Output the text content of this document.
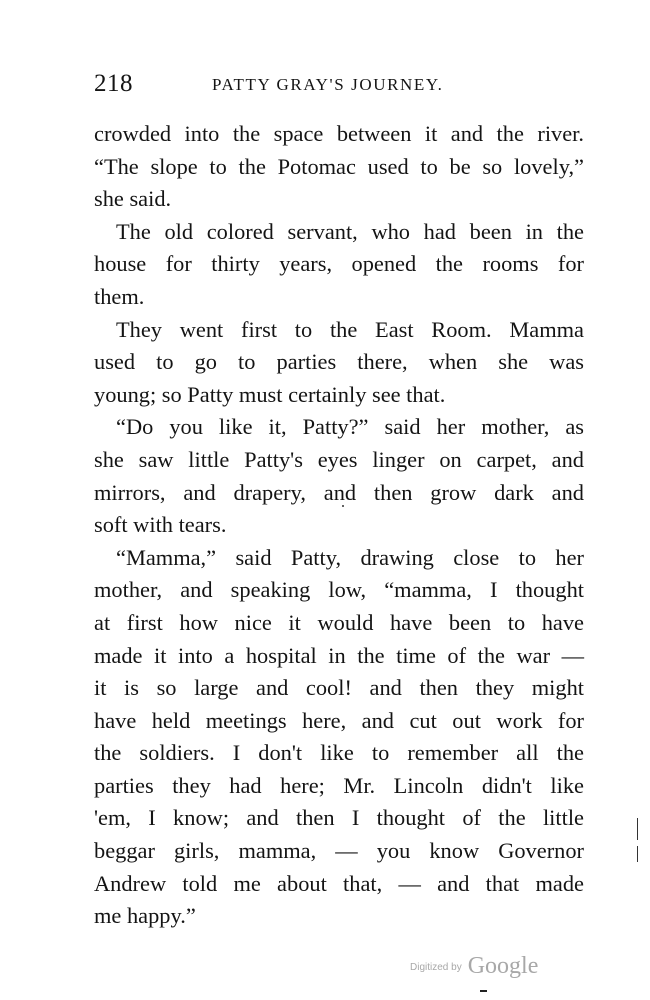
218	PATTY GRAY'S JOURNEY.
crowded into the space between it and the river.
“The slope to the Potomac used to be so lovely,”
she said.
The old colored servant, who had been in the
house for thirty years, opened the rooms for
them.
They went first to the East Room. Mamma
used to go to parties there, when she was
young; so Patty must certainly see that.
“Do you like it, Patty?” said her mother, as
she saw little Patty's eyes linger on carpet, and
mirrors, and drapery, and then grow dark and
soft with tears.
“Mamma,” said Patty, drawing close to her
mother, and speaking low, “mamma, I thought
at first how nice it would have been to have
made it into a hospital in the time of the war —
it is so large and cool! and then they might
have held meetings here, and cut out work for
the soldiers. I don't like to remember all the
parties they had here; Mr. Lincoln didn't like
'em, I know; and then I thought of the little
beggar girls, mamma, — you know Governor
Andrew told me about that, — and that made
me happy.”
Digitized by Google
